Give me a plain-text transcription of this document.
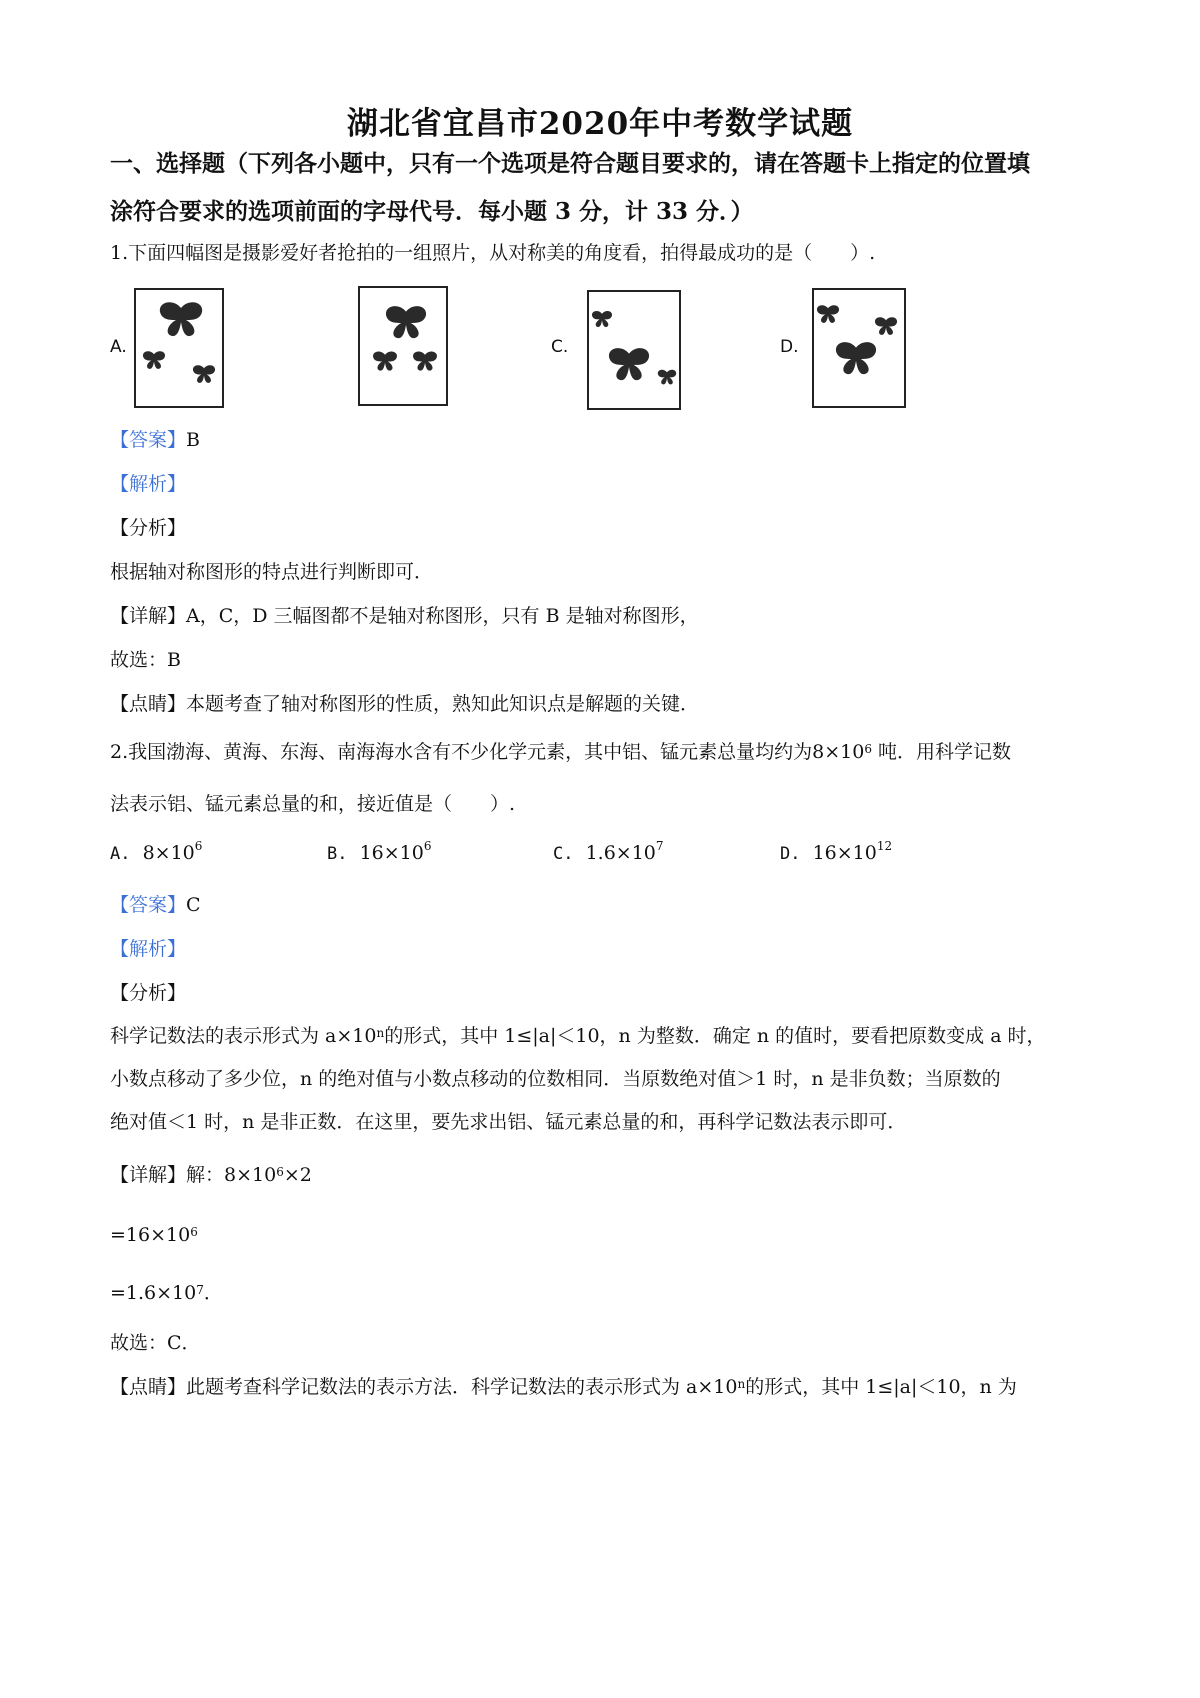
湖北省宜昌市2020年中考数学试题
一、选择题（下列各小题中，只有一个选项是符合题目要求的，请在答题卡上指定的位置填
涂符合要求的选项前面的字母代号．每小题 3 分，计 33 分．）
1.下面四幅图是摄影爱好者抢拍的一组照片，从对称美的角度看，拍得最成功的是（　　）.
A.	C.	D.
【答案】B
【解析】
【分析】
根据轴对称图形的特点进行判断即可．
【详解】A，C，D 三幅图都不是轴对称图形，只有 B 是轴对称图形，
故选：B
【点睛】本题考查了轴对称图形的性质，熟知此知识点是解题的关键．
2.我国渤海、黄海、东海、南海海水含有不少化学元素，其中铝、锰元素总量均约为$8\times 10^6$ 吨．用科学记数
法表示铝、锰元素总量的和，接近值是（　　）.
A. $8\times 10^6$	B. $16\times 10^6$	C. $1.6\times 10^7$	D. $16\times 10^{12}$
【答案】C
【解析】
【分析】
科学记数法的表示形式为 $a\times 10^n$的形式，其中 1≤|a|＜10，n 为整数．确定 n 的值时，要看把原数变成 a 时，
小数点移动了多少位，n 的绝对值与小数点移动的位数相同．当原数绝对值＞1 时，n 是非负数；当原数的
绝对值＜1 时，n 是非正数．在这里，要先求出铝、锰元素总量的和，再科学记数法表示即可．
【详解】解：$8\times 10^6\times 2$
$=16\times 10^6$
$=1.6\times 10^7$．
故选：C．
【点睛】此题考查科学记数法的表示方法．科学记数法的表示形式为 $a\times 10^n$的形式，其中 1≤|a|＜10，n 为
